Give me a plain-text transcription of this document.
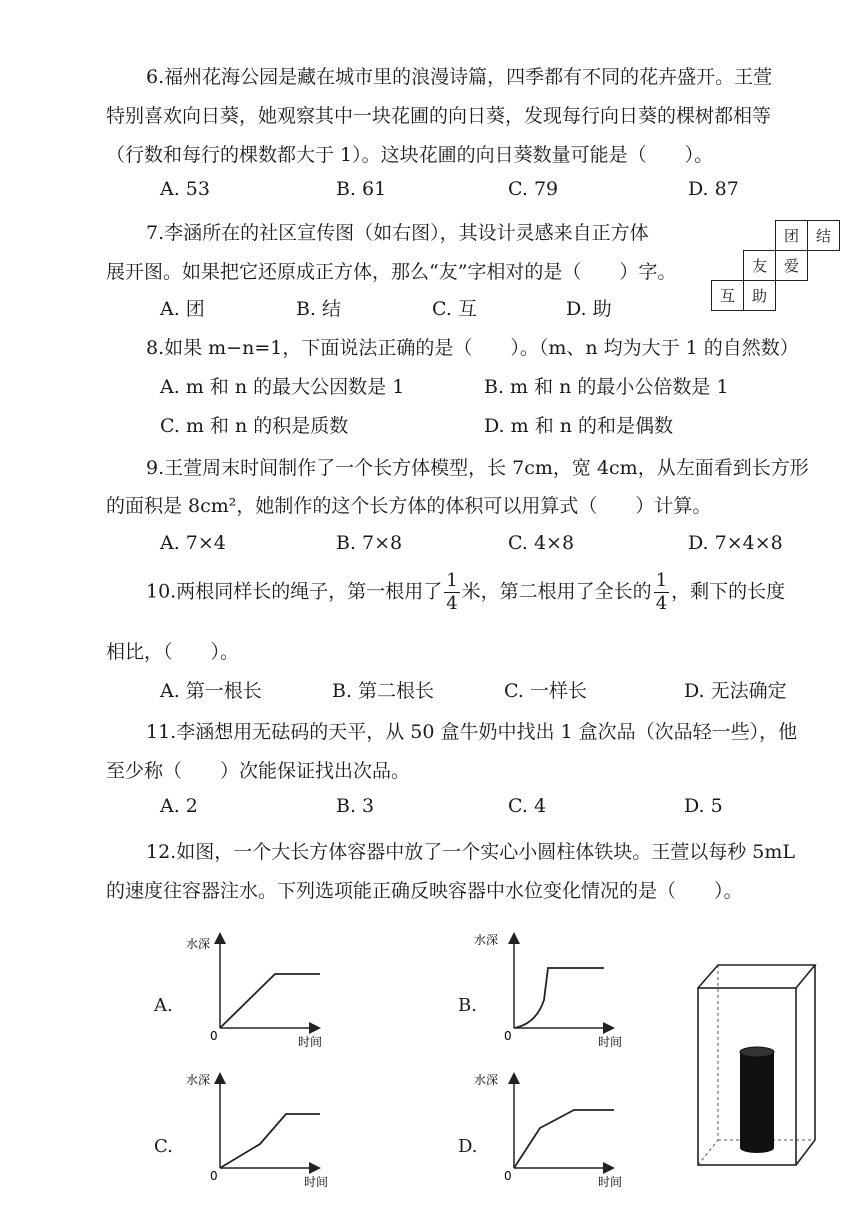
6.福州花海公园是藏在城市里的浪漫诗篇，四季都有不同的花卉盛开。王萱
特别喜欢向日葵，她观察其中一块花圃的向日葵，发现每行向日葵的棵树都相等
（行数和每行的棵数都大于 1）。这块花圃的向日葵数量可能是（　　）。
A. 53	B. 61	C. 79	D. 87
7.李涵所在的社区宣传图（如右图），其设计灵感来自正方体
展开图。如果把它还原成正方体，那么“友”字相对的是（　　）字。
A. 团	B. 结	C. 互	D. 助
团	结
友	爱
互	助
8.如果 m−n=1，下面说法正确的是（　　）。（m、n 均为大于 1 的自然数）
A. m 和 n 的最大公因数是 1	B. m 和 n 的最小公倍数是 1
C. m 和 n 的积是质数	D. m 和 n 的和是偶数
9.王萱周末时间制作了一个长方体模型，长 7cm，宽 4cm，从左面看到长方形
的面积是 8cm²，她制作的这个长方体的体积可以用算式（　　）计算。
A. 7×4	B. 7×8	C. 4×8	D. 7×4×8
10.两根同样长的绳子，第一根用了 $\frac{1}{4}$ 米，第二根用了全长的 $\frac{1}{4}$ ，剩下的长度
相比，（　　）。
A. 第一根长	B. 第二根长	C. 一样长	D. 无法确定
11.李涵想用无砝码的天平，从 50 盒牛奶中找出 1 盒次品（次品轻一些），他
至少称（　　）次能保证找出次品。
A. 2	B. 3	C. 4	D. 5
12.如图，一个大长方体容器中放了一个实心小圆柱体铁块。王萱以每秒 5mL
的速度往容器注水。下列选项能正确反映容器中水位变化情况的是（　　）。
A.	B.
C.	D.
水深
0	时间
水深
0	时间
水深
0	时间
水深
0	时间
